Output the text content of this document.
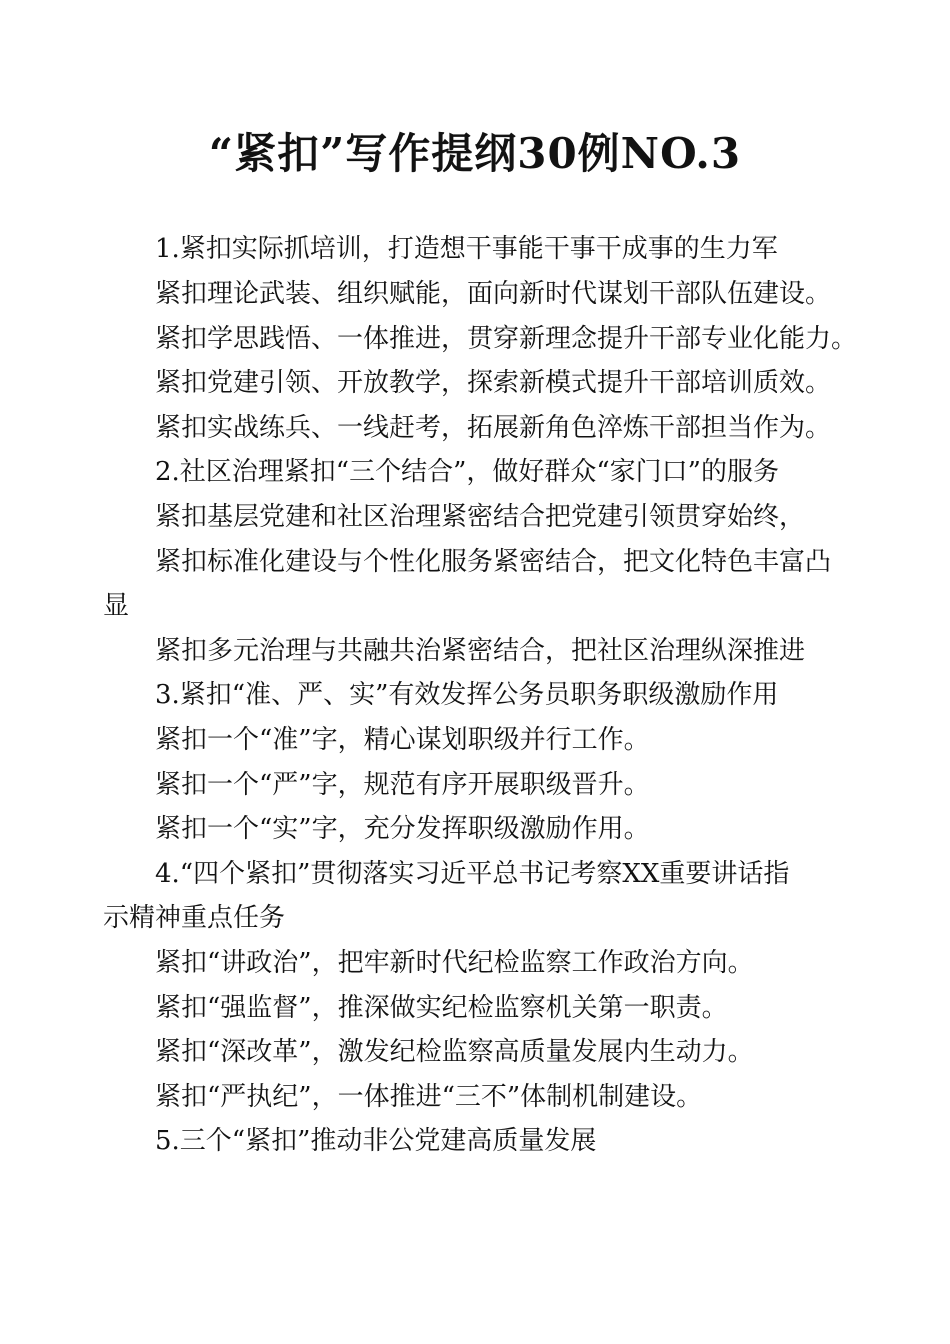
“紧扣”写作提纲30例NO.3
1.紧扣实际抓培训，打造想干事能干事干成事的生力军
紧扣理论武装、组织赋能，面向新时代谋划干部队伍建设。
紧扣学思践悟、一体推进，贯穿新理念提升干部专业化能力。
紧扣党建引领、开放教学，探索新模式提升干部培训质效。
紧扣实战练兵、一线赶考，拓展新角色淬炼干部担当作为。
2.社区治理紧扣“三个结合”，做好群众“家门口”的服务
紧扣基层党建和社区治理紧密结合把党建引领贯穿始终，
紧扣标准化建设与个性化服务紧密结合，把文化特色丰富凸
显
紧扣多元治理与共融共治紧密结合，把社区治理纵深推进
3.紧扣“准、严、实”有效发挥公务员职务职级激励作用
紧扣一个“准”字，精心谋划职级并行工作。
紧扣一个“严”字，规范有序开展职级晋升。
紧扣一个“实”字，充分发挥职级激励作用。
4.“四个紧扣”贯彻落实习近平总书记考察XX重要讲话指
示精神重点任务
紧扣“讲政治”，把牢新时代纪检监察工作政治方向。
紧扣“强监督”，推深做实纪检监察机关第一职责。
紧扣“深改革”，激发纪检监察高质量发展内生动力。
紧扣“严执纪”，一体推进“三不”体制机制建设。
5.三个“紧扣”推动非公党建高质量发展
